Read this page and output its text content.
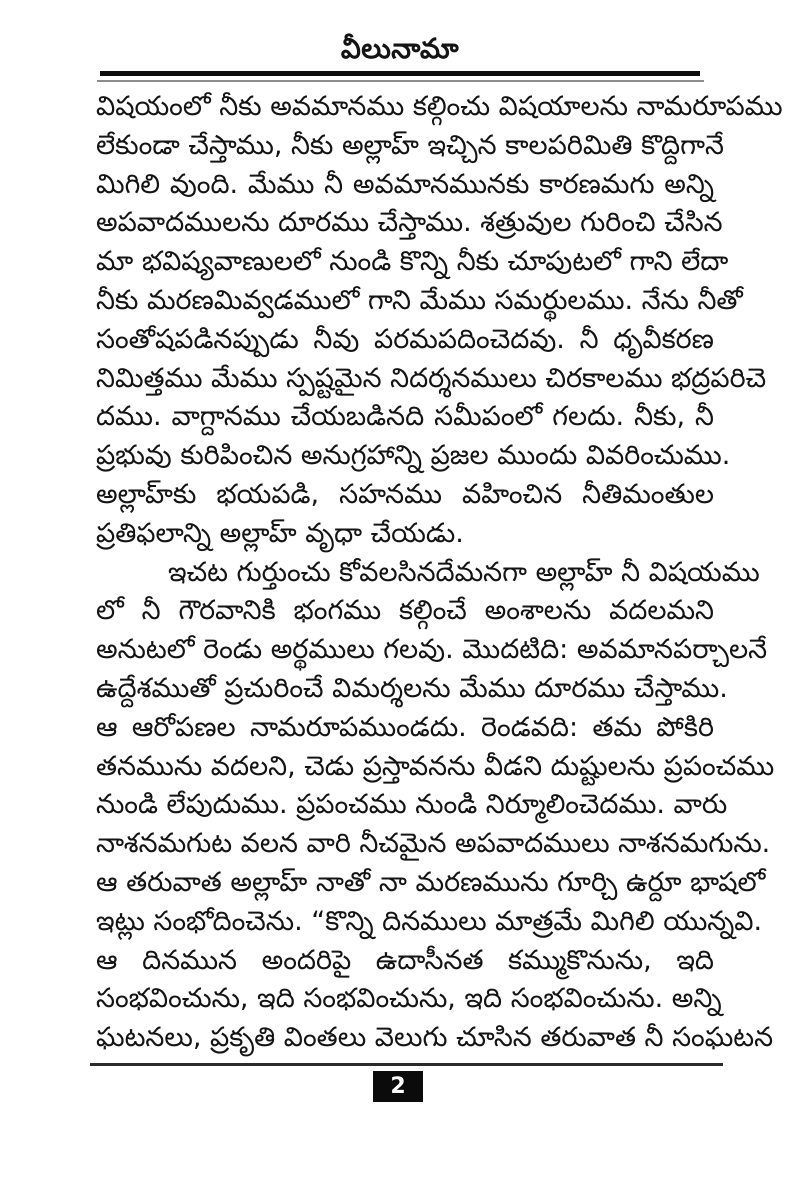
వీలునామా
విషయంలో నీకు అవమానము కల్గించు విషయాలను నామరూపము
లేకుండా చేస్తాము, నీకు అల్లాహ్ ఇచ్చిన కాలపరిమితి కొద్దిగానే
మిగిలి వుంది. మేము నీ అవమానమునకు కారణమగు అన్ని
అపవాదములను దూరము చేస్తాము. శత్రువుల గురించి చేసిన
మా భవిష్యవాణులలో నుండి కొన్ని నీకు చూపుటలో గాని లేదా
నీకు మరణమివ్వడములో గాని మేము సమర్థులము. నేను నీతో
సంతోషపడినప్పుడు నీవు పరమపదించెదవు. నీ ధృవీకరణ
నిమిత్తము మేము స్పష్టమైన నిదర్శనములు చిరకాలము భద్రపరిచె
దము. వాగ్దానము చేయబడినది సమీపంలో గలదు. నీకు, నీ
ప్రభువు కురిపించిన అనుగ్రహాన్ని ప్రజల ముందు వివరించుము.
అల్లాహ్‌కు భయపడి, సహనము వహించిన నీతిమంతుల
ప్రతిఫలాన్ని అల్లాహ్ వృధా చేయడు.
ఇచట గుర్తుంచు కోవలసినదేమనగా అల్లాహ్ నీ విషయము
లో నీ గౌరవానికి భంగము కల్గించే అంశాలను వదలమని
అనుటలో రెండు అర్థములు గలవు. మొదటిది: అవమానపర్చాలనే
ఉద్దేశముతో ప్రచురించే విమర్శలను మేము దూరము చేస్తాము.
ఆ ఆరోపణల నామరూపముండదు. రెండవది: తమ పోకిరి
తనమును వదలని, చెడు ప్రస్తావనను వీడని దుష్టులను ప్రపంచము
నుండి లేపుదుము. ప్రపంచము నుండి నిర్మూలించెదము. వారు
నాశనమగుట వలన వారి నీచమైన అపవాదములు నాశనమగును.
ఆ తరువాత అల్లాహ్ నాతో నా మరణమును గూర్చి ఉర్దూ భాషలో
ఇట్లు సంభోదించెను. “కొన్ని దినములు మాత్రమే మిగిలి యున్నవి.
ఆ దినమున అందరిపై ఉదాసీనత కమ్ముకొనును, ఇది
సంభవించును, ఇది సంభవించును, ఇది సంభవించును. అన్ని
ఘటనలు, ప్రకృతి వింతలు వెలుగు చూసిన తరువాత నీ సంఘటన
2
